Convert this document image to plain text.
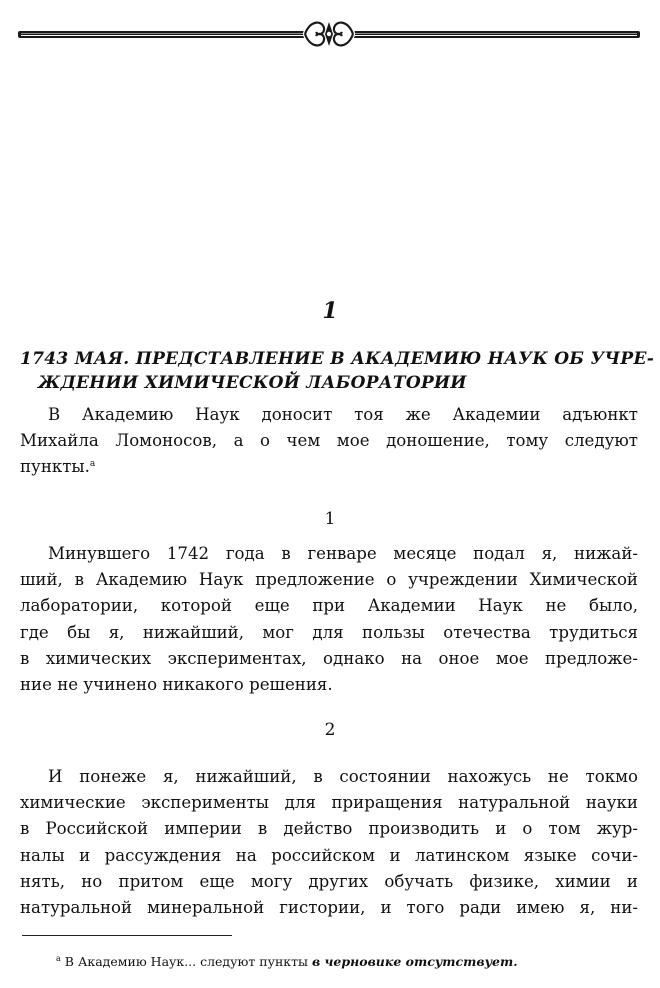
1
1743 МАЯ. ПРЕДСТАВЛЕНИЕ В АКАДЕМИЮ НАУК ОБ УЧРЕ-
ЖДЕНИИ ХИМИЧЕСКОЙ ЛАБОРАТОРИИ

В Академию Наук доносит тоя же Академии адъюнкт
Михайла Ломоносов, а о чем мое доношение, тому следуют
пункты.$^а$

1

Минувшего 1742 года в генваре месяце подал я, нижай-
ший, в Академию Наук предложение о учреждении Химической
лаборатории, которой еще при Академии Наук не было,
где бы я, нижайший, мог для пользы отечества трудиться
в химических экспериментах, однако на оное мое предложе-
ние не учинено никакого решения.

2

И понеже я, нижайший, в состоянии нахожусь не токмо
химические эксперименты для приращения натуральной науки
в Российской империи в действо производить и о том жур-
налы и рассуждения на российском и латинском языке сочи-
нять, но притом еще могу других обучать физике, химии и
натуральной минеральной гистории, и того ради имею я, ни-

$^а$ В Академию Наук... следуют пункты в черновике отсутствует.
